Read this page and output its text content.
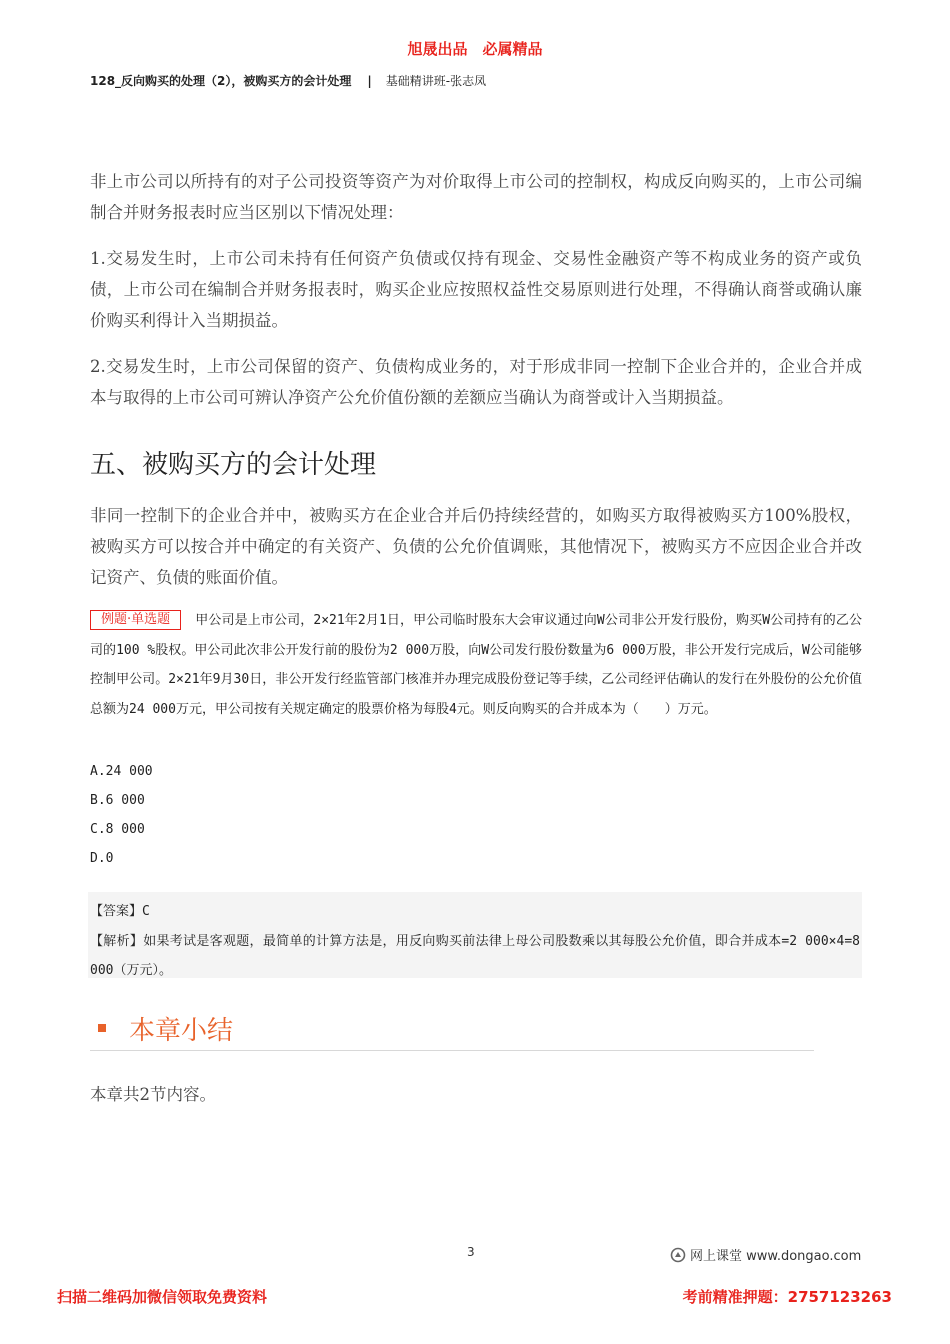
旭晟出品　必属精品
128_反向购买的处理（2），被购买方的会计处理 | 基础精讲班-张志凤
非上市公司以所持有的对子公司投资等资产为对价取得上市公司的控制权，构成反向购买的，上市公司编制合并财务报表时应当区别以下情况处理：
1.交易发生时，上市公司未持有任何资产负债或仅持有现金、交易性金融资产等不构成业务的资产或负债，上市公司在编制合并财务报表时，购买企业应按照权益性交易原则进行处理，不得确认商誉或确认廉价购买利得计入当期损益。
2.交易发生时，上市公司保留的资产、负债构成业务的，对于形成非同一控制下企业合并的，企业合并成本与取得的上市公司可辨认净资产公允价值份额的差额应当确认为商誉或计入当期损益。
五、被购买方的会计处理
非同一控制下的企业合并中，被购买方在企业合并后仍持续经营的，如购买方取得被购买方100%股权，被购买方可以按合并中确定的有关资产、负债的公允价值调账，其他情况下，被购买方不应因企业合并改记资产、负债的账面价值。
例题·单选题 甲公司是上市公司，2×21年2月1日，甲公司临时股东大会审议通过向W公司非公开发行股份，购买W公司持有的乙公司的100 %股权。甲公司此次非公开发行前的股份为2 000万股，向W公司发行股份数量为6 000万股，非公开发行完成后，W公司能够控制甲公司。2×21年9月30日，非公开发行经监管部门核准并办理完成股份登记等手续，乙公司经评估确认的发行在外股份的公允价值总额为24 000万元，甲公司按有关规定确定的股票价格为每股4元。则反向购买的合并成本为（　　）万元。
A.24 000
B.6 000
C.8 000
D.0
【答案】C
【解析】如果考试是客观题，最简单的计算方法是，用反向购买前法律上母公司股数乘以其每股公允价值，即合并成本=2 000×4=8 000（万元）。
本章小结
本章共2节内容。
3	网上课堂 www.dongao.com
扫描二维码加微信领取免费资料	考前精准押题：2757123263
